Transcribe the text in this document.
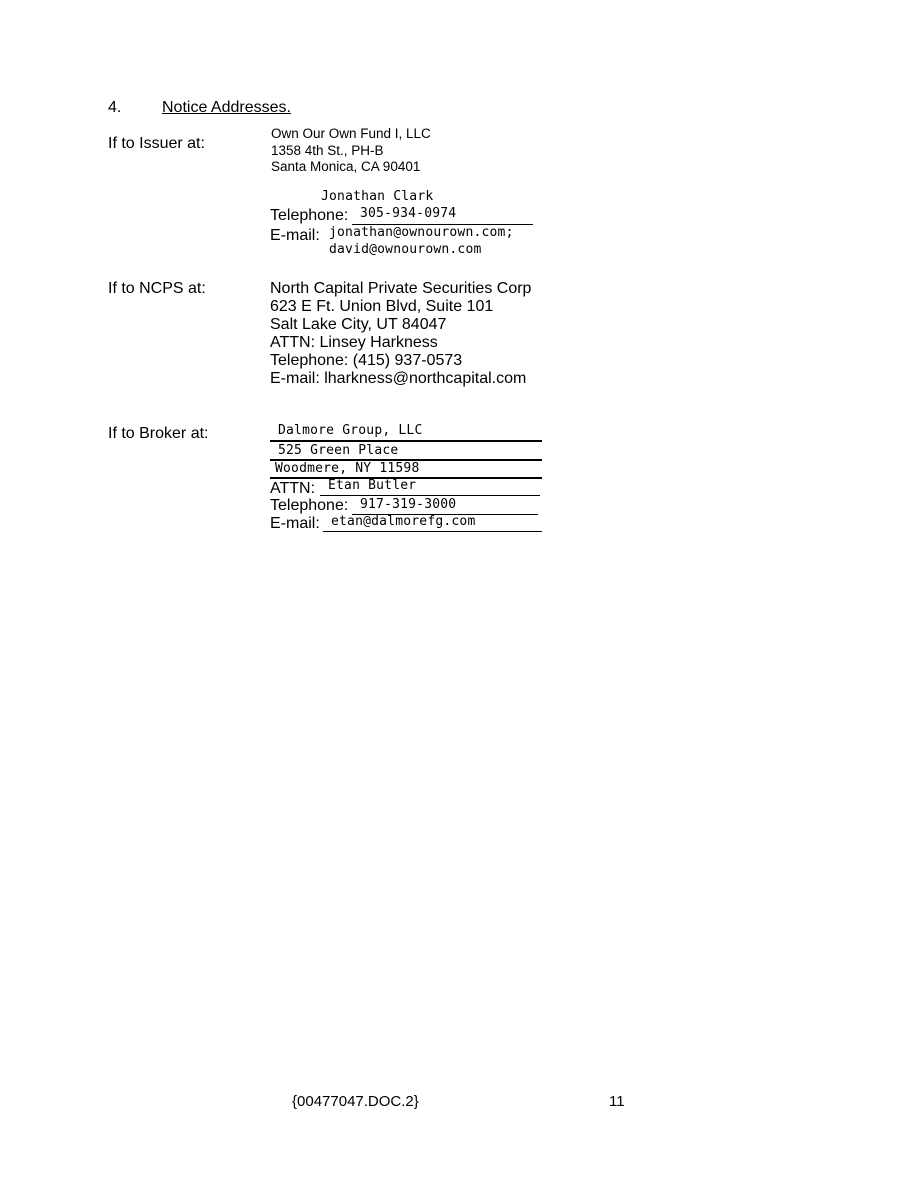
4.	Notice Addresses.
If to Issuer at:
Own Our Own Fund I, LLC
1358 4th St., PH-B
Santa Monica, CA 90401
Jonathan Clark
Telephone: 305-934-0974
E-mail: jonathan@ownourown.com;
david@ownourown.com
If to NCPS at:	North Capital Private Securities Corp
623 E Ft. Union Blvd, Suite 101
Salt Lake City, UT 84047
ATTN: Linsey Harkness
Telephone: (415) 937-0573
E-mail: lharkness@northcapital.com
If to Broker at:	Dalmore Group, LLC
525 Green Place
Woodmere, NY 11598
ATTN: Etan Butler
Telephone: 917-319-3000
E-mail: etan@dalmorefg.com
{00477047.DOC.2}	11
